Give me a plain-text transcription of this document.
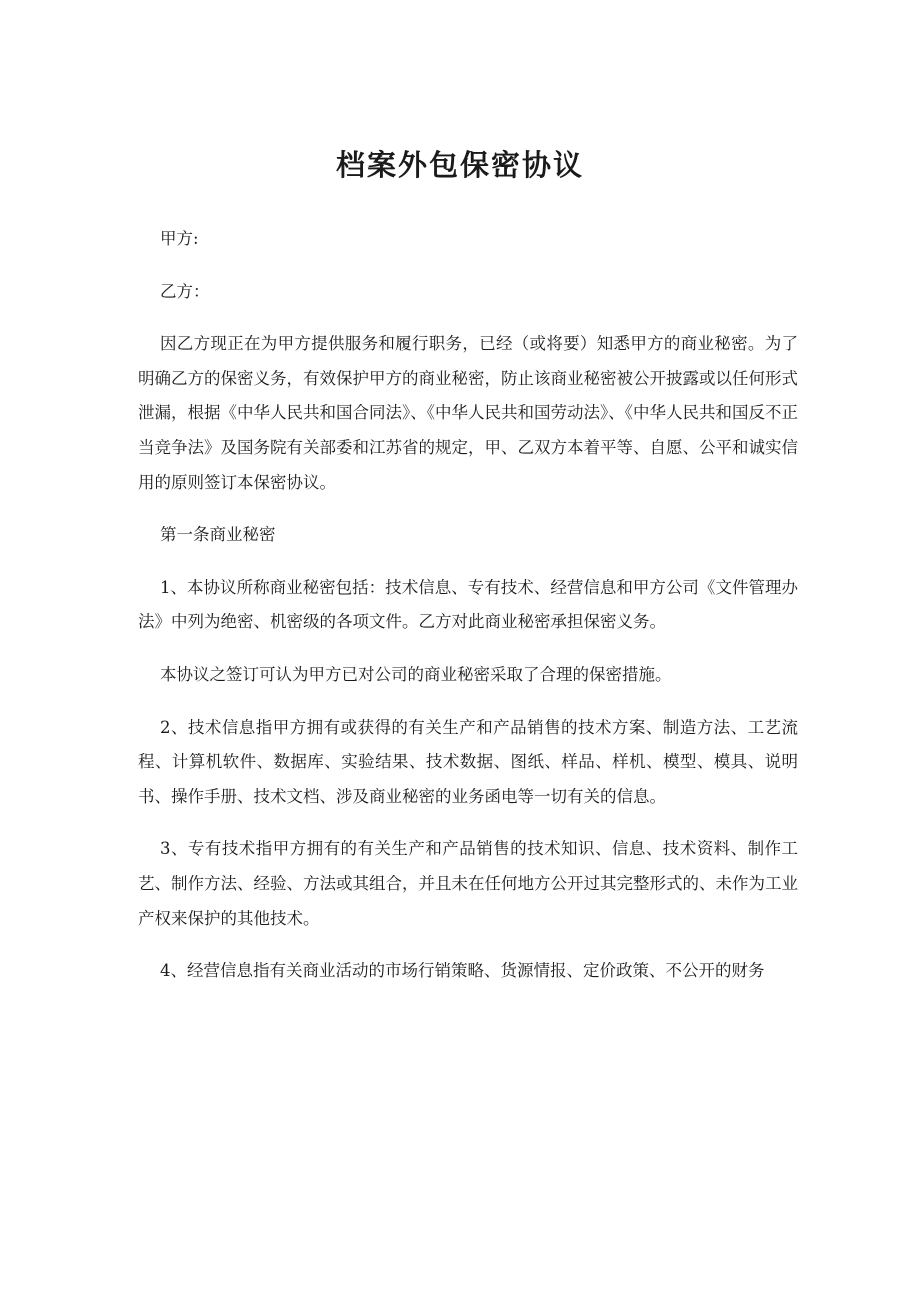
档案外包保密协议

甲方:

乙方：

因乙方现正在为甲方提供服务和履行职务，已经（或将要）知悉甲方的商业秘密。为了明确乙方的保密义务，有效保护甲方的商业秘密，防止该商业秘密被公开披露或以任何形式泄漏，根据《中华人民共和国合同法》、《中华人民共和国劳动法》、《中华人民共和国反不正当竞争法》及国务院有关部委和江苏省的规定，甲、乙双方本着平等、自愿、公平和诚实信用的原则签订本保密协议。

第一条商业秘密

1、本协议所称商业秘密包括：技术信息、专有技术、经营信息和甲方公司《文件管理办法》中列为绝密、机密级的各项文件。乙方对此商业秘密承担保密义务。

本协议之签订可认为甲方已对公司的商业秘密采取了合理的保密措施。

2、技术信息指甲方拥有或获得的有关生产和产品销售的技术方案、制造方法、工艺流程、计算机软件、数据库、实验结果、技术数据、图纸、样品、样机、模型、模具、说明书、操作手册、技术文档、涉及商业秘密的业务函电等一切有关的信息。

3、专有技术指甲方拥有的有关生产和产品销售的技术知识、信息、技术资料、制作工艺、制作方法、经验、方法或其组合，并且未在任何地方公开过其完整形式的、未作为工业产权来保护的其他技术。

4、经营信息指有关商业活动的市场行销策略、货源情报、定价政策、不公开的财务
